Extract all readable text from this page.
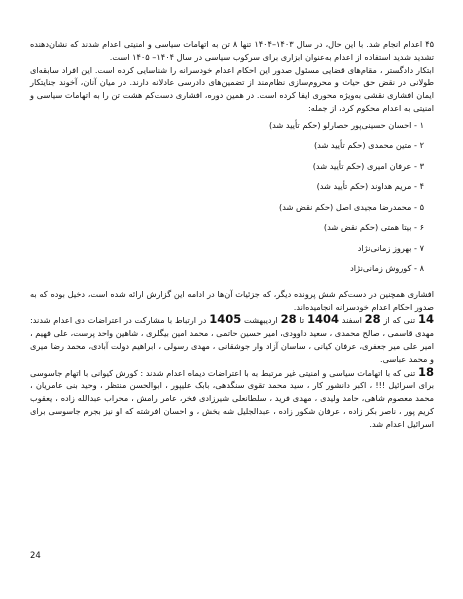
۴۵ اعدام انجام شد. با این حال، در سال ۱۴۰۳–۱۴۰۴ تنها ۸ تن به اتهامات سیاسی و امنیتی اعدام شدند که نشان‌دهنده تشدید شدید استفاده از اعدام به‌عنوان ابزاری برای سرکوب سیاسی در سال ۱۴۰۴– ۱۴۰۵ است.

ابتکار دادگستر ، مقام‌های قضایی مسئول صدور این احکام اعدام خودسرانه را شناسایی کرده است. این افراد سابقه‌ای طولانی در نقض حق حیات و محروم‌سازی نظام‌مند از تضمین‌های دادرسی عادلانه دارند. در میان آنان، آخوند جنایتکار ایمان افشاری نقشی به‌ویژه محوری ایفا کرده است. در همین دوره، افشاری دست‌کم هشت تن را به اتهامات سیاسی و امنیتی به اعدام محکوم کرد، از جمله:

۱ - احسان حسینی‌پور حصارلو (حکم تأیید شد)
۲ - متین محمدی (حکم تأیید شد)
۳ - عرفان امیری (حکم تأیید شد)
۴ - مریم هداوند (حکم تأیید شد)
۵ - محمدرضا مجیدی اصل (حکم نقض شد)
۶ - بیتا همتی (حکم نقض شد)
۷ - بهروز زمانی‌نژاد
۸ - کوروش زمانی‌نژاد

افشاری همچنین در دست‌کم شش پرونده دیگر، که جزئیات آن‌ها در ادامه این گزارش ارائه شده است، دخیل بوده که به صدور احکام اعدام خودسرانه انجامیده‌اند.

14 تنی که از 28 اسفند 1404 تا 28 اردیبهشت 1405 در ارتباط با مشارکت در اعتراضات دی اعدام شدند: مهدی قاسمی ، صالح محمدی ، سعید داوودی، امیر حسین حاتمی ، محمد امین بیگلری ، شاهین واحد پرست، علی فهیم ، امیر علی میر جعفری، عرفان کیانی ، ساسان آزاد وار جوشقانی ، مهدی رسولی ، ابراهیم دولت آبادی، محمد رضا میری و محمد عباسی.

18 تنی که با اتهامات سیاسی و امنیتی غیر مرتبط به با اعتراضات دیماه اعدام شدند : کورش کیوانی با اتهام جاسوسی برای اسرائیل !!! ، اکبر دانشور کار ، سید محمد تقوی سنگدهی، بابک علیپور ، ابوالحسن منتظر ، وحید بنی عامریان ، محمد معصوم شاهی، حامد ولیدی ، مهدی فرید ، سلطانعلی شیرزادی فخر، عامر رامش ، محراب عبدالله زاده ، یعقوب کریم پور ، ناصر بکر زاده ، عرفان شکور زاده ، عبدالجلیل شه بخش ، و احسان افرشته که او نیز بجرم جاسوسی برای اسرائیل اعدام شد.

24
